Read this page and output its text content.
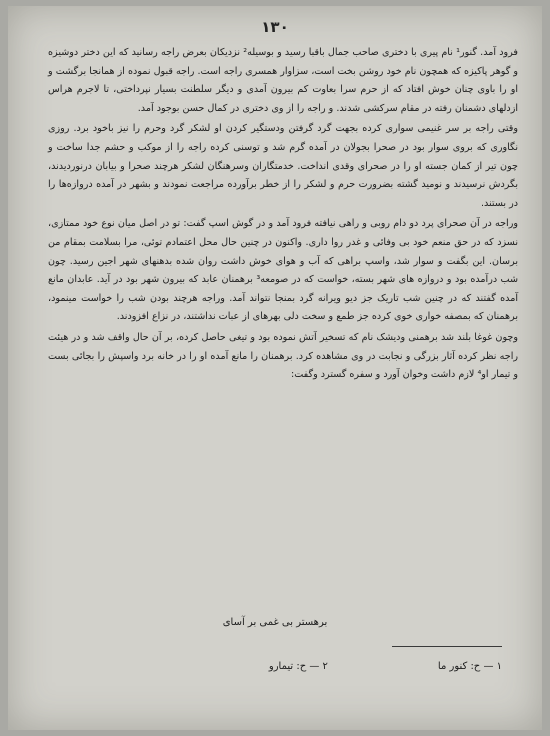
۱۳۰

فرود آمد. گنور¹ نام پیری با دختری صاحب جمال باقبا رسید و بوسیله² نزدیکان بعرض راجه رسانید که این دختر دوشیزه و گوهر پاکیزه که همچون نام خود روشن بخت است، سزاوار همسری راجه است. راجه قبول نموده از همانجا برگشت و او را باوی چنان خوش افتاد که از حرم سرا بعاوت کم بیرون آمدی و دیگر سلطنت بسیار نپرداختی، تا لاجرم هراس ازدلهای دشمنان رفته در مقام سرکشی شدند. و راجه را از وی دختری در کمال حسن بوجود آمد.

وقتی راجه بر سر غنیمی سواری کرده بجهت گرد گرفتن ودستگیر کردن او لشکر گرد وحرم را نیز باخود برد. روزی نگاوری که بروی سوار بود در صحرا بجولان در آمده گرم شد و توسنی کرده راجه را از موکب و حشم جدا ساخت و چون تیر از کمان جسته او را در صحرای وقدی انداخت. خدمتگاران وسرهنگان لشکر هرچند صحرا و بیابان درنوردیدند، بگردش نرسیدند و نومید گشته بضرورت حرم و لشکر را از خطر برآورده مراجعت نمودند و بشهر در آمده دروازه‌ها را در بستند.

وراجه در آن صحرای پرد دو دام روبی و راهی نیافته فرود آمد و در گوش اسپ گفت: تو در اصل میان نوع خود ممتازی، نسزد که در حق منعم خود بی وفائی و غدر روا داری. واکنون در چنین حال محل اعتمادم توئی، مرا بسلامت بمقام من برسان. این بگفت و سوار شد، واسپ براهی که آب و هوای خوش داشت روان شده بدهنهای شهر اجین رسید. چون شب درآمده بود و دروازه های شهر بسته، خواست که در صومعه³ برهمنان عابد که بیرون شهر بود در آید. عابدان مانع آمده گفتند که در چنین شب تاریک جز دیو ویرانه گرد بمنجا نتواند آمد. وراجه هرچند بودن شب را خواست مینمود، برهمنان که بمصفه خواری خوی کرده جز طمع و سخت دلی بهرهای از عبات نداشتند، در نزاع افزودند.

وچون غوغا بلند شد برهمنی ودیشک نام که تسخیر آتش نموده بود و تیغی حاصل کرده، بر آن حال واقف شد و در هیئت راجه نظر کرده آثار بزرگی و نجابت در وی مشاهده کرد. برهمنان را مانع آمده او را در خانه برد واسپش را بجائی بست و تیمار او⁴ لازم داشت وخوان آورد و سفره گسترد وگفت:

برهستر بی غمی بر آسای
۱ — ح: کنور ما
۲ — ح: تیمارو
